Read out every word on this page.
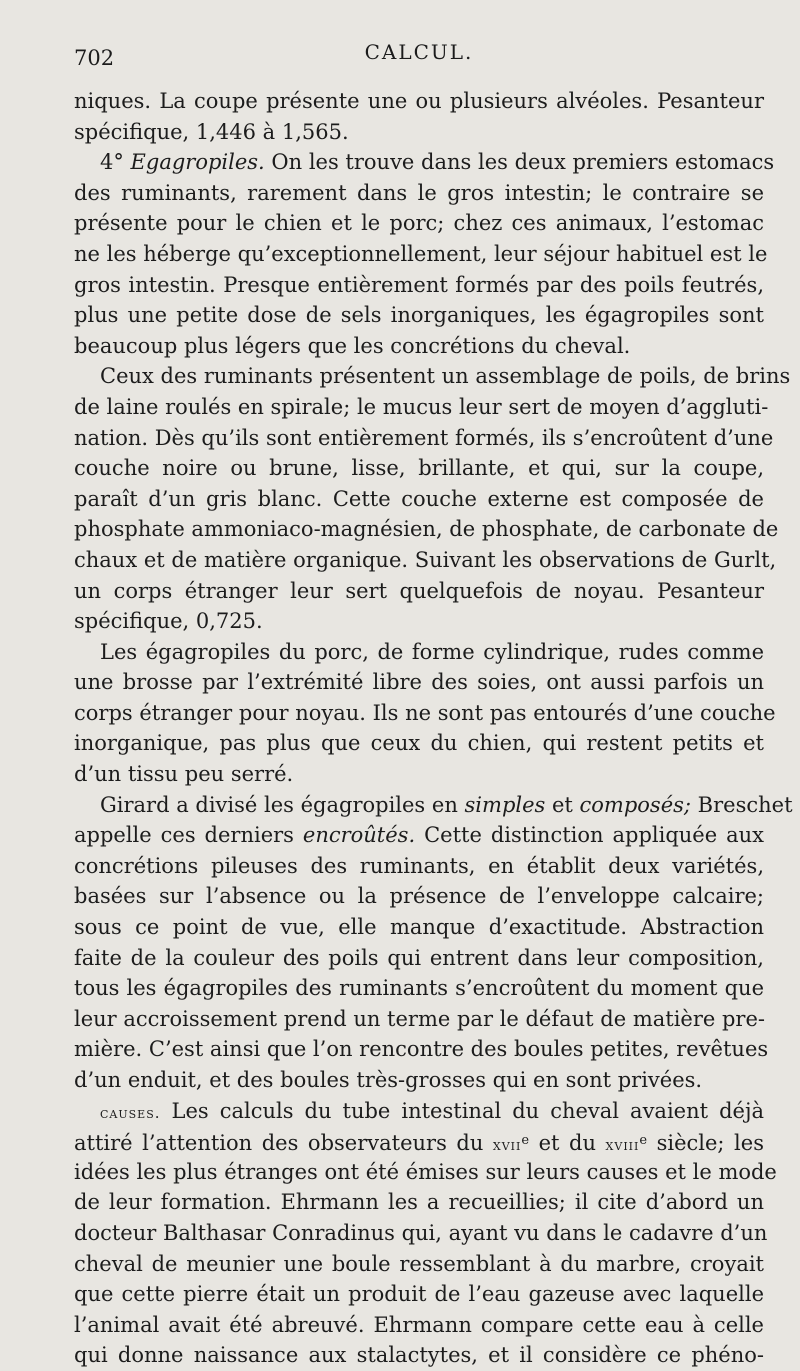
702	CALCUL.
niques. La coupe présente une ou plusieurs alvéoles. Pesanteur
spécifique, 1,446 à 1,565.
4° Egagropiles. On les trouve dans les deux premiers estomacs
des ruminants, rarement dans le gros intestin; le contraire se
présente pour le chien et le porc; chez ces animaux, l’estomac
ne les héberge qu’exceptionnellement, leur séjour habituel est le
gros intestin. Presque entièrement formés par des poils feutrés,
plus une petite dose de sels inorganiques, les égagropiles sont
beaucoup plus légers que les concrétions du cheval.
Ceux des ruminants présentent un assemblage de poils, de brins
de laine roulés en spirale; le mucus leur sert de moyen d’aggluti-
nation. Dès qu’ils sont entièrement formés, ils s’encroûtent d’une
couche noire ou brune, lisse, brillante, et qui, sur la coupe,
paraît d’un gris blanc. Cette couche externe est composée de
phosphate ammoniaco-magnésien, de phosphate, de carbonate de
chaux et de matière organique. Suivant les observations de Gurlt,
un corps étranger leur sert quelquefois de noyau. Pesanteur
spécifique, 0,725.
Les égagropiles du porc, de forme cylindrique, rudes comme
une brosse par l’extrémité libre des soies, ont aussi parfois un
corps étranger pour noyau. Ils ne sont pas entourés d’une couche
inorganique, pas plus que ceux du chien, qui restent petits et
d’un tissu peu serré.
Girard a divisé les égagropiles en simples et composés; Breschet
appelle ces derniers encroûtés. Cette distinction appliquée aux
concrétions pileuses des ruminants, en établit deux variétés,
basées sur l’absence ou la présence de l’enveloppe calcaire;
sous ce point de vue, elle manque d’exactitude. Abstraction
faite de la couleur des poils qui entrent dans leur composition,
tous les égagropiles des ruminants s’encroûtent du moment que
leur accroissement prend un terme par le défaut de matière pre-
mière. C’est ainsi que l’on rencontre des boules petites, revêtues
d’un enduit, et des boules très-grosses qui en sont privées.
causes. Les calculs du tube intestinal du cheval avaient déjà
attiré l’attention des observateurs du xvii$^e$ et du xviii$^e$ siècle; les
idées les plus étranges ont été émises sur leurs causes et le mode
de leur formation. Ehrmann les a recueillies; il cite d’abord un
docteur Balthasar Conradinus qui, ayant vu dans le cadavre d’un
cheval de meunier une boule ressemblant à du marbre, croyait
que cette pierre était un produit de l’eau gazeuse avec laquelle
l’animal avait été abreuvé. Ehrmann compare cette eau à celle
qui donne naissance aux stalactytes, et il considère ce phéno-
